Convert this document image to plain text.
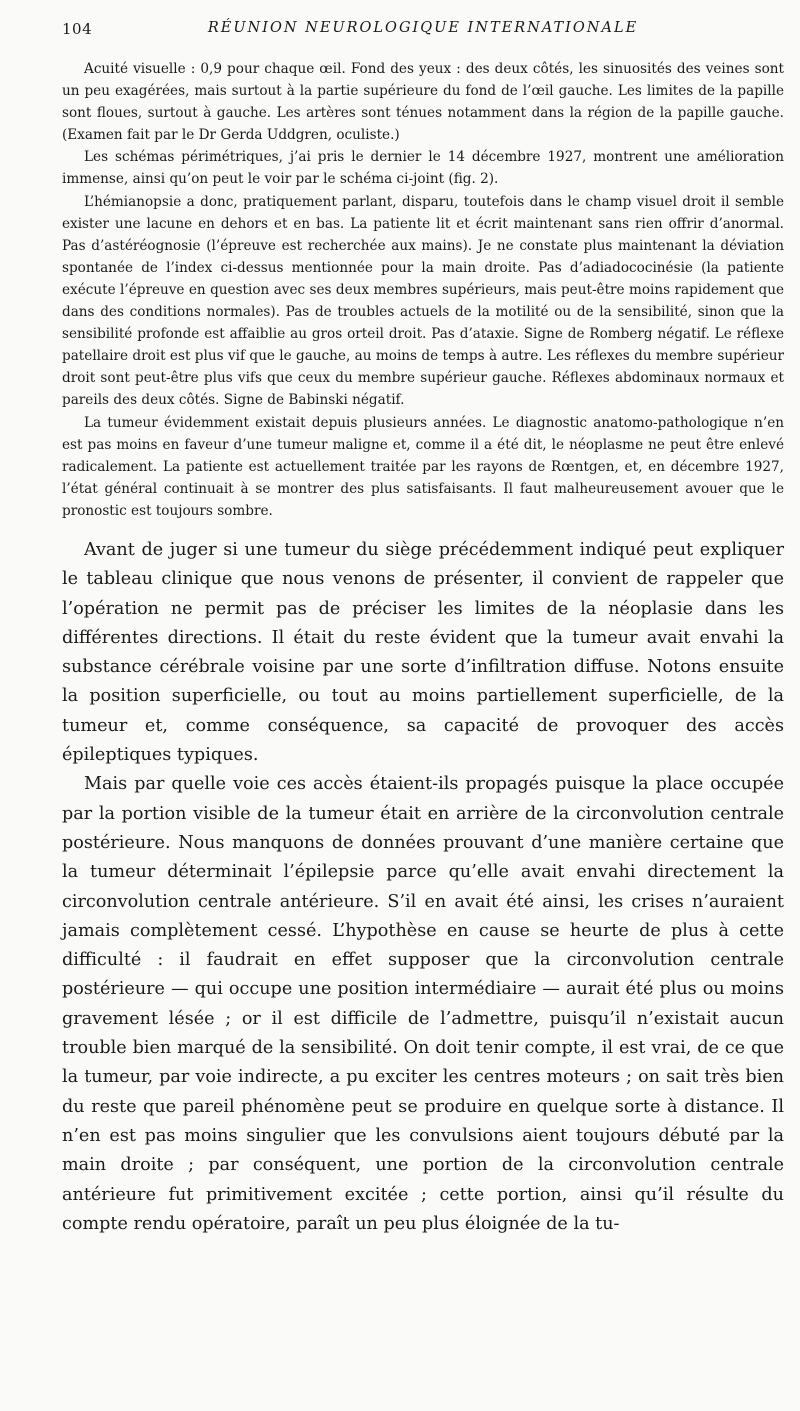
104	RÉUNION NEUROLOGIQUE INTERNATIONALE

Acuité visuelle : 0,9 pour chaque œil. Fond des yeux : des deux côtés, les sinuosités des veines sont un peu exagérées, mais surtout à la partie supérieure du fond de l’œil gauche. Les limites de la papille sont floues, surtout à gauche. Les artères sont ténues notamment dans la région de la papille gauche. (Examen fait par le Dr Gerda Uddgren, oculiste.)

Les schémas périmétriques, j’ai pris le dernier le 14 décembre 1927, montrent une amélioration immense, ainsi qu’on peut le voir par le schéma ci-joint (fig. 2).

L’hémianopsie a donc, pratiquement parlant, disparu, toutefois dans le champ visuel droit il semble exister une lacune en dehors et en bas. La patiente lit et écrit maintenant sans rien offrir d’anormal. Pas d’astéréognosie (l’épreuve est recherchée aux mains). Je ne constate plus maintenant la déviation spontanée de l’index ci-dessus mentionnée pour la main droite. Pas d’adiadococinésie (la patiente exécute l’épreuve en question avec ses deux membres supérieurs, mais peut-être moins rapidement que dans des conditions normales). Pas de troubles actuels de la motilité ou de la sensibilité, sinon que la sensibilité profonde est affaiblie au gros orteil droit. Pas d’ataxie. Signe de Romberg négatif. Le réflexe patellaire droit est plus vif que le gauche, au moins de temps à autre. Les réflexes du membre supérieur droit sont peut-être plus vifs que ceux du membre supérieur gauche. Réflexes abdominaux normaux et pareils des deux côtés. Signe de Babinski négatif.

La tumeur évidemment existait depuis plusieurs années. Le diagnostic anatomo-pathologique n’en est pas moins en faveur d’une tumeur maligne et, comme il a été dit, le néoplasme ne peut être enlevé radicalement. La patiente est actuellement traitée par les rayons de Rœntgen, et, en décembre 1927, l’état général continuait à se montrer des plus satisfaisants. Il faut malheureusement avouer que le pronostic est toujours sombre.

Avant de juger si une tumeur du siège précédemment indiqué peut expliquer le tableau clinique que nous venons de présenter, il convient de rappeler que l’opération ne permit pas de préciser les limites de la néoplasie dans les différentes directions. Il était du reste évident que la tumeur avait envahi la substance cérébrale voisine par une sorte d’infiltration diffuse. Notons ensuite la position superficielle, ou tout au moins partiellement superficielle, de la tumeur et, comme conséquence, sa capacité de provoquer des accès épileptiques typiques.

Mais par quelle voie ces accès étaient-ils propagés puisque la place occupée par la portion visible de la tumeur était en arrière de la circonvolution centrale postérieure. Nous manquons de données prouvant d’une manière certaine que la tumeur déterminait l’épilepsie parce qu’elle avait envahi directement la circonvolution centrale antérieure. S’il en avait été ainsi, les crises n’auraient jamais complètement cessé. L’hypothèse en cause se heurte de plus à cette difficulté : il faudrait en effet supposer que la circonvolution centrale postérieure — qui occupe une position intermédiaire — aurait été plus ou moins gravement lésée ; or il est difficile de l’admettre, puisqu’il n’existait aucun trouble bien marqué de la sensibilité. On doit tenir compte, il est vrai, de ce que la tumeur, par voie indirecte, a pu exciter les centres moteurs ; on sait très bien du reste que pareil phénomène peut se produire en quelque sorte à distance. Il n’en est pas moins singulier que les convulsions aient toujours débuté par la main droite ; par conséquent, une portion de la circonvolution centrale antérieure fut primitivement excitée ; cette portion, ainsi qu’il résulte du compte rendu opératoire, paraît un peu plus éloignée de la tu-
